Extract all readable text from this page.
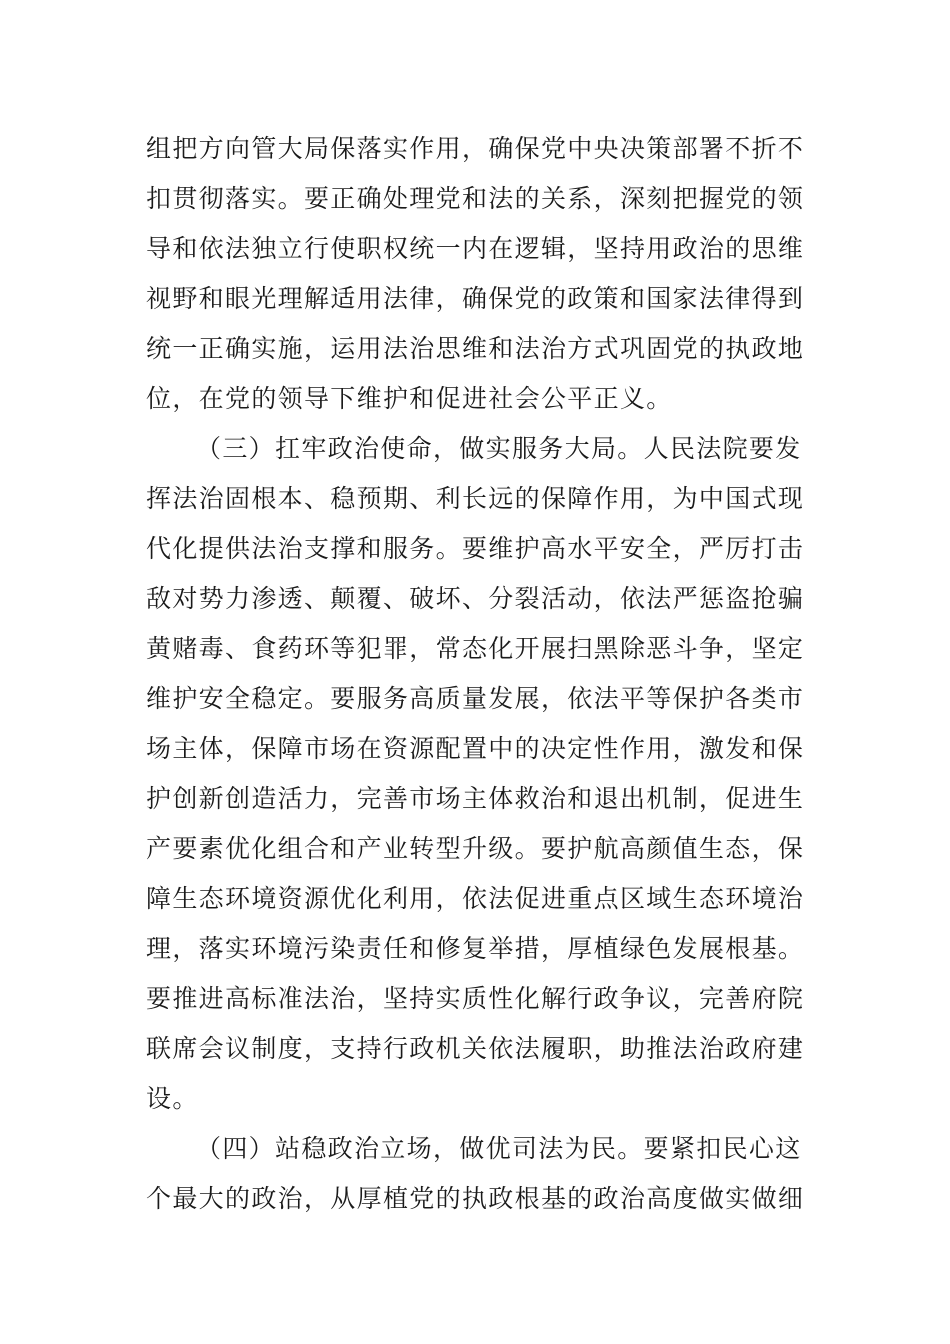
组把方向管大局保落实作用，确保党中央决策部署不折不
扣贯彻落实。要正确处理党和法的关系，深刻把握党的领
导和依法独立行使职权统一内在逻辑，坚持用政治的思维
视野和眼光理解适用法律，确保党的政策和国家法律得到
统一正确实施，运用法治思维和法治方式巩固党的执政地
位，在党的领导下维护和促进社会公平正义。
（三）扛牢政治使命，做实服务大局。人民法院要发
挥法治固根本、稳预期、利长远的保障作用，为中国式现
代化提供法治支撑和服务。要维护高水平安全，严厉打击
敌对势力渗透、颠覆、破坏、分裂活动，依法严惩盗抢骗
黄赌毒、食药环等犯罪，常态化开展扫黑除恶斗争，坚定
维护安全稳定。要服务高质量发展，依法平等保护各类市
场主体，保障市场在资源配置中的决定性作用，激发和保
护创新创造活力，完善市场主体救治和退出机制，促进生
产要素优化组合和产业转型升级。要护航高颜值生态，保
障生态环境资源优化利用，依法促进重点区域生态环境治
理，落实环境污染责任和修复举措，厚植绿色发展根基。
要推进高标准法治，坚持实质性化解行政争议，完善府院
联席会议制度，支持行政机关依法履职，助推法治政府建
设。
（四）站稳政治立场，做优司法为民。要紧扣民心这
个最大的政治，从厚植党的执政根基的政治高度做实做细
